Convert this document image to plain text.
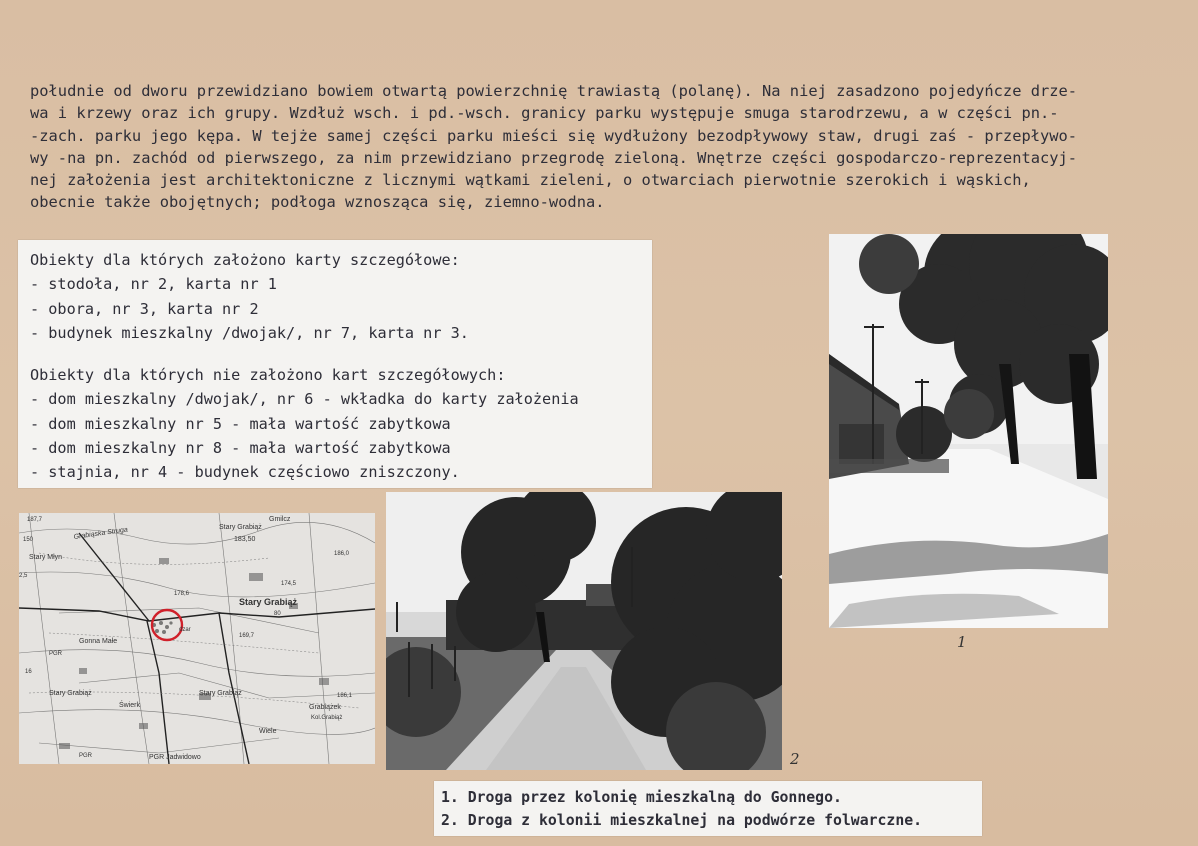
południe od dworu przewidziano bowiem otwartą powierzchnię trawiastą (polanę). Na niej zasadzono pojedyńcze drze-
wa i krzewy oraz ich grupy. Wzdłuż wsch. i pd.-wsch. granicy parku występuje smuga starodrzewu, a w części pn.-
-zach. parku jego kępa. W tejże samej części parku mieści się wydłużony bezodpływowy staw, drugi zaś - przepływo-
wy -na pn. zachód od pierwszego, za nim przewidziano przegrodę zieloną. Wnętrze części gospodarczo-reprezentacyj-
nej założenia jest architektoniczne z licznymi wątkami zieleni, o otwarciach pierwotnie szerokich i wąskich,
obecnie także obojętnych; podłoga wznosząca się, ziemno-wodna.
Obiekty dla których założono karty szczegółowe:
- stodoła, nr 2, karta nr 1
- obora, nr 3, karta nr 2
- budynek mieszkalny /dwojak/, nr 7, karta nr 3.
Obiekty dla których nie założono kart szczegółowych:
- dom mieszkalny /dwojak/, nr 6 - wkładka do karty założenia
- dom mieszkalny nr 5 - mała wartość zabytkowa
- dom mieszkalny nr 8 - mała wartość zabytkowa
- stajnia, nr 4 - budynek częściowo zniszczony.
Gmilcz
187,7
Stary Grabiąż
183,50
Grabiąska Struga
150
186,0
Stary Młyn
174,5
2,5
178,6
Stary Grabiąż
80
dzar
169,7
Gonna Małe
PGR
16
Stary Grabiąż	Stary Grabiąż	186,1
Świerk	Grabiążek
Kol.Grabiąż
Wiele
PGR	PGR Jadwidowo
1
2
1. Droga przez kolonię mieszkalną do Gonnego.
2. Droga z kolonii mieszkalnej na podwórze folwarczne.
